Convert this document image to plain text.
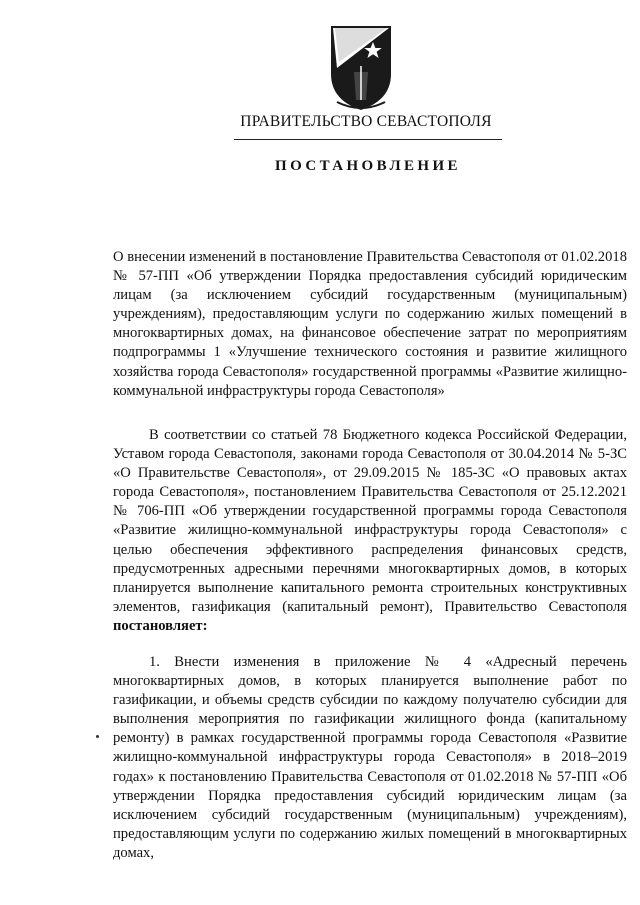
ПРАВИТЕЛЬСТВО СЕВАСТОПОЛЯ
ПОСТАНОВЛЕНИЕ
О внесении изменений в постановление Правительства Севастополя от 01.02.2018 № 57-ПП «Об утверждении Порядка предоставления субсидий юридическим лицам (за исключением субсидий государственным (муниципальным) учреждениям), предоставляющим услуги по содержанию жилых помещений в многоквартирных домах, на финансовое обеспечение затрат по мероприятиям подпрограммы 1 «Улучшение технического состояния и развитие жилищного хозяйства города Севастополя» государственной программы «Развитие жилищно-коммунальной инфраструктуры города Севастополя»
В соответствии со статьей 78 Бюджетного кодекса Российской Федерации, Уставом города Севастополя, законами города Севастополя от 30.04.2014 № 5-ЗС «О Правительстве Севастополя», от 29.09.2015 № 185-ЗС «О правовых актах города Севастополя», постановлением Правительства Севастополя от 25.12.2021 № 706-ПП «Об утверждении государственной программы города Севастополя «Развитие жилищно-коммунальной инфраструктуры города Севастополя» с целью обеспечения эффективного распределения финансовых средств, предусмотренных адресными перечнями многоквартирных домов, в которых планируется выполнение капитального ремонта строительных конструктивных элементов, газификация (капитальный ремонт), Правительство Севастополя постановляет:
1. Внести изменения в приложение № 4 «Адресный перечень многоквартирных домов, в которых планируется выполнение работ по газификации, и объемы средств субсидии по каждому получателю субсидии для выполнения мероприятия по газификации жилищного фонда (капитальному ремонту) в рамках государственной программы города Севастополя «Развитие жилищно-коммунальной инфраструктуры города Севастополя» в 2018–2019 годах» к постановлению Правительства Севастополя от 01.02.2018 № 57-ПП «Об утверждении Порядка предоставления субсидий юридическим лицам (за исключением субсидий государственным (муниципальным) учреждениям), предоставляющим услуги по содержанию жилых помещений в многоквартирных домах,
